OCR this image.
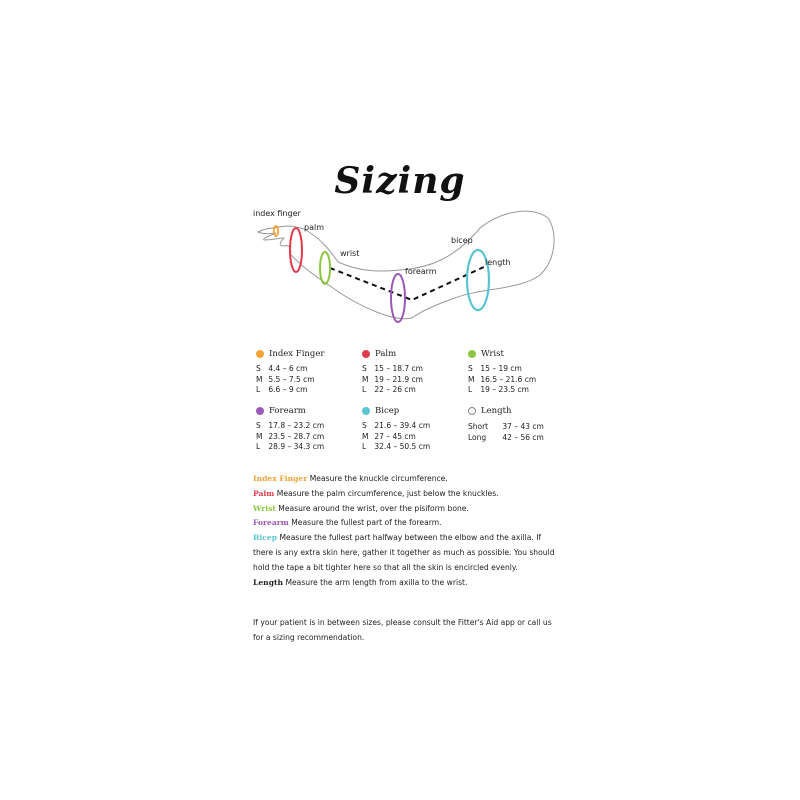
Sizing
index finger
palm
wrist
forearm
bicep
length
Index Finger
S 4.4 – 6 cm
M 5.5 – 7.5 cm
L 6.6 – 9 cm
Palm
S 15 – 18.7 cm
M 19 – 21.9 cm
L 22 – 26 cm
Wrist
S 15 – 19 cm
M 16.5 – 21.6 cm
L 19 – 23.5 cm
Forearm
S 17.8 – 23.2 cm
M 23.5 – 28.7 cm
L 28.9 – 34.3 cm
Bicep
S 21.6 – 39.4 cm
M 27 – 45 cm
L 32.4 – 50.5 cm
Length
Short 37 – 43 cm
Long 42 – 56 cm

Index Finger Measure the knuckle circumference.

Palm Measure the palm circumference, just below the knuckles.

Wrist Measure around the wrist, over the pisiform bone.

Forearm Measure the fullest part of the forearm.

Bicep Measure the fullest part halfway between the elbow and the axilla. If there is any extra skin here, gather it together as much as possible. You should hold the tape a bit tighter here so that all the skin is encircled evenly.

Length Measure the arm length from axilla to the wrist.

If your patient is in between sizes, please consult the Fitter's Aid app or call us for a sizing recommendation.
